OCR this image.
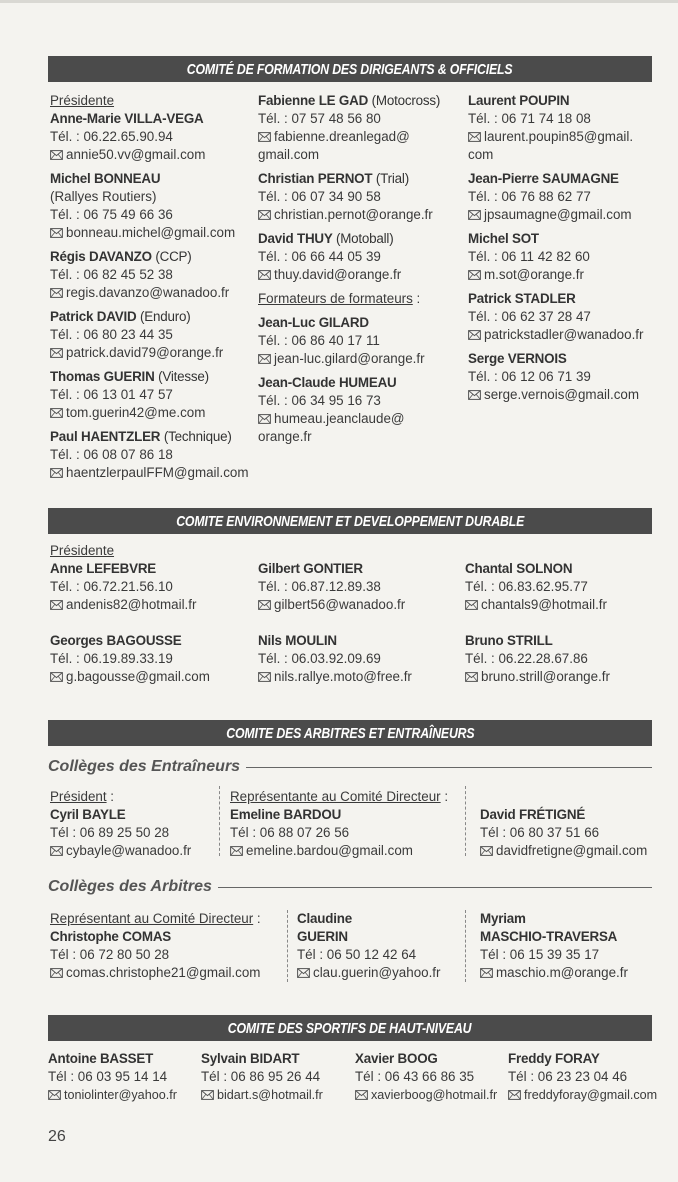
COMITÉ DE FORMATION DES DIRIGEANTS & OFFICIELS
Présidente
Anne-Marie VILLA-VEGA
Tél. : 06.22.65.90.94
annie50.vv@gmail.com
Michel BONNEAU
(Rallyes Routiers)
Tél. : 06 75 49 66 36
bonneau.michel@gmail.com
Régis DAVANZO (CCP)
Tél. : 06 82 45 52 38
regis.davanzo@wanadoo.fr
Patrick DAVID (Enduro)
Tél. : 06 80 23 44 35
patrick.david79@orange.fr
Thomas GUERIN (Vitesse)
Tél. : 06 13 01 47 57
tom.guerin42@me.com
Paul HAENTZLER (Technique)
Tél. : 06 08 07 86 18
haentzlerpaulFFM@gmail.com
Fabienne LE GAD (Motocross)
Tél. : 07 57 48 56 80
fabienne.dreanlegad@
gmail.com
Christian PERNOT (Trial)
Tél. : 06 07 34 90 58
christian.pernot@orange.fr
David THUY (Motoball)
Tél. : 06 66 44 05 39
thuy.david@orange.fr
Formateurs de formateurs :
Jean-Luc GILARD
Tél. : 06 86 40 17 11
jean-luc.gilard@orange.fr
Jean-Claude HUMEAU
Tél. : 06 34 95 16 73
humeau.jeanclaude@
orange.fr
Laurent POUPIN
Tél. : 06 71 74 18 08
laurent.poupin85@gmail.
com
Jean-Pierre SAUMAGNE
Tél. : 06 76 88 62 77
jpsaumagne@gmail.com
Michel SOT
Tél. : 06 11 42 82 60
m.sot@orange.fr
Patrick STADLER
Tél. : 06 62 37 28 47
patrickstadler@wanadoo.fr
Serge VERNOIS
Tél. : 06 12 06 71 39
serge.vernois@gmail.com
COMITE ENVIRONNEMENT ET DEVELOPPEMENT DURABLE
Présidente
Anne LEFEBVRE
Tél. : 06.72.21.56.10
andenis82@hotmail.fr
Gilbert GONTIER
Tél. : 06.87.12.89.38
gilbert56@wanadoo.fr
Chantal SOLNON
Tél. : 06.83.62.95.77
chantals9@hotmail.fr
Georges BAGOUSSE
Tél. : 06.19.89.33.19
g.bagousse@gmail.com
Nils MOULIN
Tél. : 06.03.92.09.69
nils.rallye.moto@free.fr
Bruno STRILL
Tél. : 06.22.28.67.86
bruno.strill@orange.fr
COMITE DES ARBITRES ET ENTRAÎNEURS
Collèges des Entraîneurs
Président :
Cyril BAYLE
Tél : 06 89 25 50 28
cybayle@wanadoo.fr
Représentante au Comité Directeur :
Emeline BARDOU
Tél : 06 88 07 26 56
emeline.bardou@gmail.com
David FRÉTIGNÉ
Tél : 06 80 37 51 66
davidfretigne@gmail.com
Collèges des Arbitres
Représentant au Comité Directeur :
Christophe COMAS
Tél : 06 72 80 50 28
comas.christophe21@gmail.com
Claudine
GUERIN
Tél : 06 50 12 42 64
clau.guerin@yahoo.fr
Myriam
MASCHIO-TRAVERSA
Tél : 06 15 39 35 17
maschio.m@orange.fr
COMITE DES SPORTIFS DE HAUT-NIVEAU
Antoine BASSET
Tél : 06 03 95 14 14
toniolinter@yahoo.fr
Sylvain BIDART
Tél : 06 86 95 26 44
bidart.s@hotmail.fr
Xavier BOOG
Tél : 06 43 66 86 35
xavierboog@hotmail.fr
Freddy FORAY
Tél : 06 23 23 04 46
freddyforay@gmail.com
26
